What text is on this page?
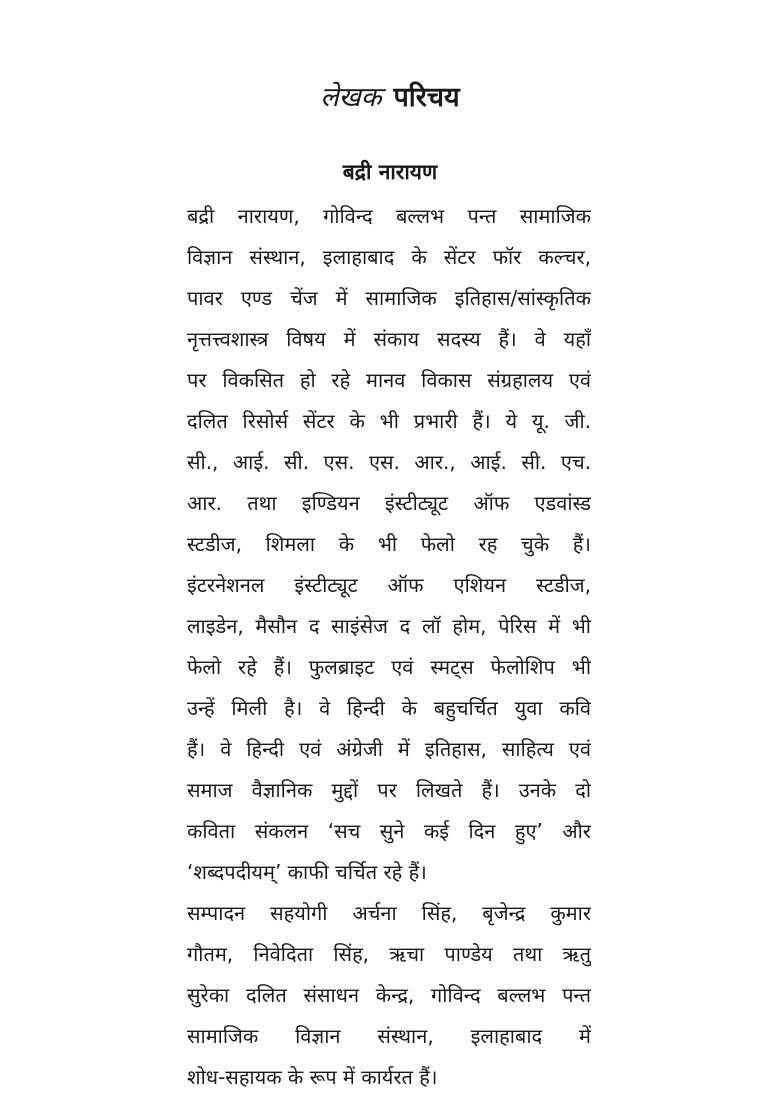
लेखक परिचय
बद्री नारायण
बद्री नारायण, गोविन्द बल्लभ पन्त सामाजिक
विज्ञान संस्थान, इलाहाबाद के सेंटर फॉर कल्चर,
पावर एण्ड चेंज में सामाजिक इतिहास/सांस्कृतिक
नृत्तत्त्वशास्त्र विषय में संकाय सदस्य हैं। वे यहाँ
पर विकसित हो रहे मानव विकास संग्रहालय एवं
दलित रिसोर्स सेंटर के भी प्रभारी हैं। ये यू. जी.
सी., आई. सी. एस. एस. आर., आई. सी. एच.
आर. तथा इण्डियन इंस्टीट्यूट ऑफ एडवांस्ड
स्टडीज, शिमला के भी फेलो रह चुके हैं।
इंटरनेशनल इंस्टीट्यूट ऑफ एशियन स्टडीज,
लाइडेन, मैसौन द साइंसेज द लॉ होम, पेरिस में भी
फेलो रहे हैं। फुलब्राइट एवं स्मट्स फेलोशिप भी
उन्हें मिली है। वे हिन्दी के बहुचर्चित युवा कवि
हैं। वे हिन्दी एवं अंग्रेजी में इतिहास, साहित्य एवं
समाज वैज्ञानिक मुद्दों पर लिखते हैं। उनके दो
कविता संकलन ‘सच सुने कई दिन हुए’ और
‘शब्दपदीयम्’ काफी चर्चित रहे हैं।
सम्पादन सहयोगी अर्चना सिंह, बृजेन्द्र कुमार
गौतम, निवेदिता सिंह, ऋचा पाण्डेय तथा ऋतु
सुरेका दलित संसाधन केन्द्र, गोविन्द बल्लभ पन्त
सामाजिक विज्ञान संस्थान, इलाहाबाद में
शोध-सहायक के रूप में कार्यरत हैं।
